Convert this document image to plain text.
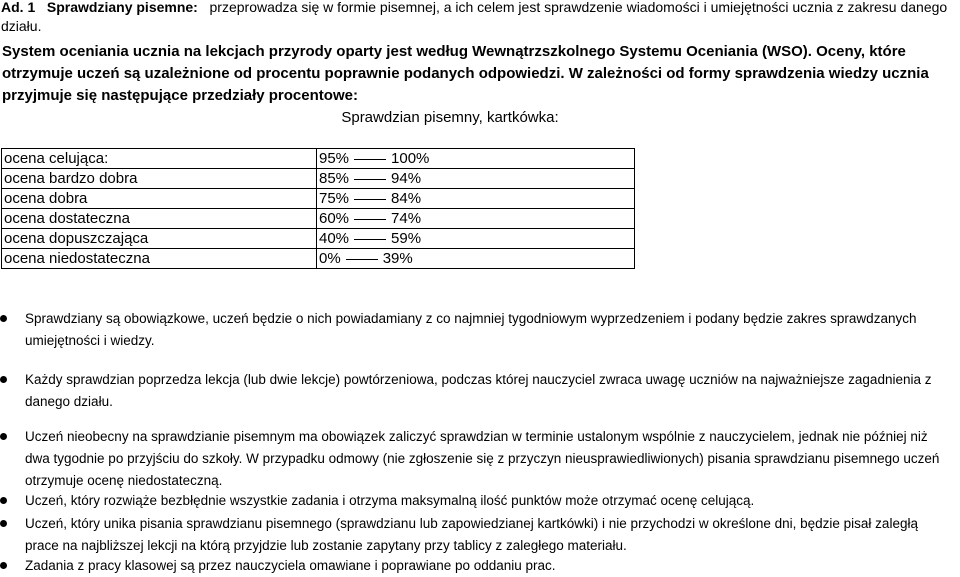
Ad. 1 Sprawdziany pisemne: przeprowadza się w formie pisemnej, a ich celem jest sprawdzenie wiadomości i umiejętności ucznia z zakresu danego
działu.
System oceniania ucznia na lekcjach przyrody oparty jest według Wewnątrzszkolnego Systemu Oceniania (WSO). Oceny, które otrzymuje uczeń są uzależnione od procentu poprawnie podanych odpowiedzi. W zależności od formy sprawdzenia wiedzy ucznia przyjmuje się następujące przedziały procentowe:
Sprawdzian pisemny, kartkówka:
ocena celująca:	95% 100%
ocena bardzo dobra	85% 94%
ocena dobra	75% 84%
ocena dostateczna	60% 74%
ocena dopuszczająca	40% 59%
ocena niedostateczna	0% 39%
Sprawdziany są obowiązkowe, uczeń będzie o nich powiadamiany z co najmniej tygodniowym wyprzedzeniem i podany będzie zakres sprawdzanych umiejętności i wiedzy.
Każdy sprawdzian poprzedza lekcja (lub dwie lekcje) powtórzeniowa, podczas której nauczyciel zwraca uwagę uczniów na najważniejsze zagadnienia z danego działu.
Uczeń nieobecny na sprawdzianie pisemnym ma obowiązek zaliczyć sprawdzian w terminie ustalonym wspólnie z nauczycielem, jednak nie później niż dwa tygodnie po przyjściu do szkoły. W przypadku odmowy (nie zgłoszenie się z przyczyn nieusprawiedliwionych) pisania sprawdzianu pisemnego uczeń otrzymuje ocenę niedostateczną.
Uczeń, który rozwiąże bezbłędnie wszystkie zadania i otrzyma maksymalną ilość punktów może otrzymać ocenę celującą.
Uczeń, który unika pisania sprawdzianu pisemnego (sprawdzianu lub zapowiedzianej kartkówki) i nie przychodzi w określone dni, będzie pisał zaległą prace na najbliższej lekcji na którą przyjdzie lub zostanie zapytany przy tablicy z zaległego materiału.
Zadania z pracy klasowej są przez nauczyciela omawiane i poprawiane po oddaniu prac.
